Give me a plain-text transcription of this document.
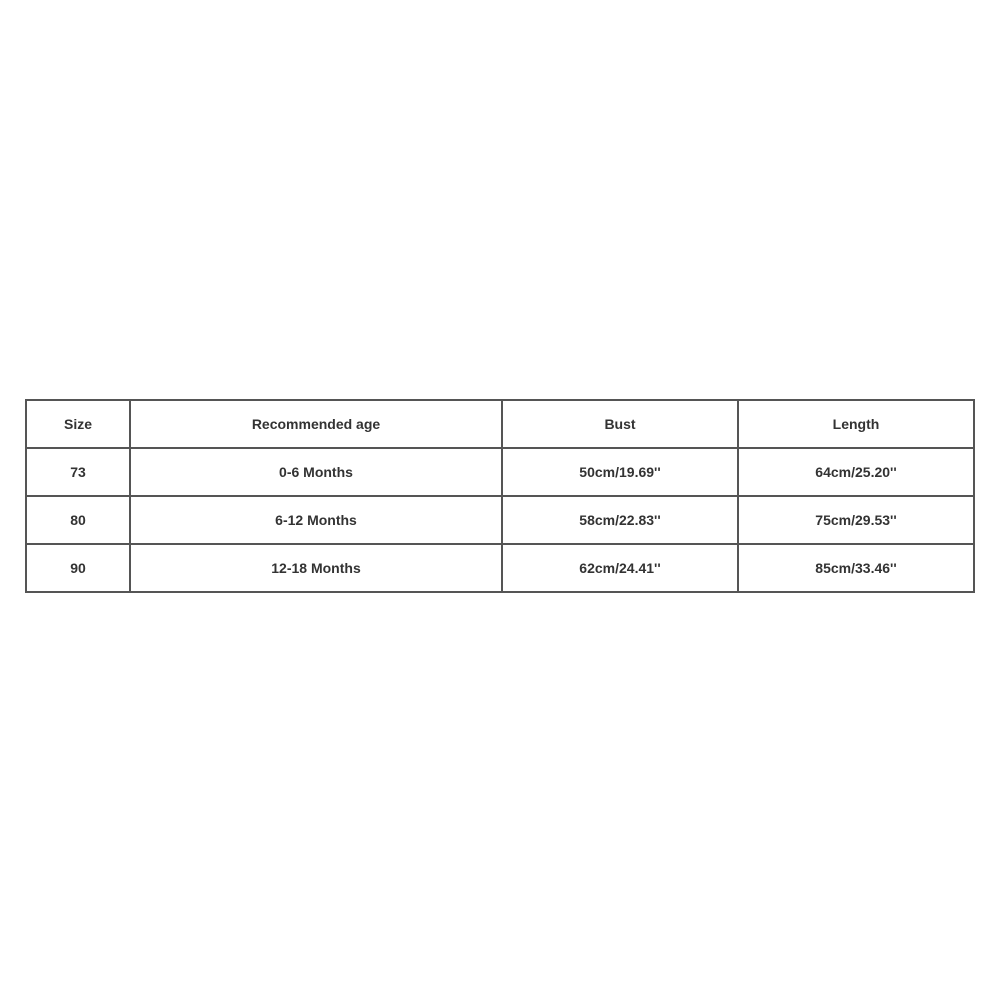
Size	Recommended age	Bust	Length
73	0-6 Months	50cm/19.69''	64cm/25.20''
80	6-12 Months	58cm/22.83''	75cm/29.53''
90	12-18 Months	62cm/24.41''	85cm/33.46''
